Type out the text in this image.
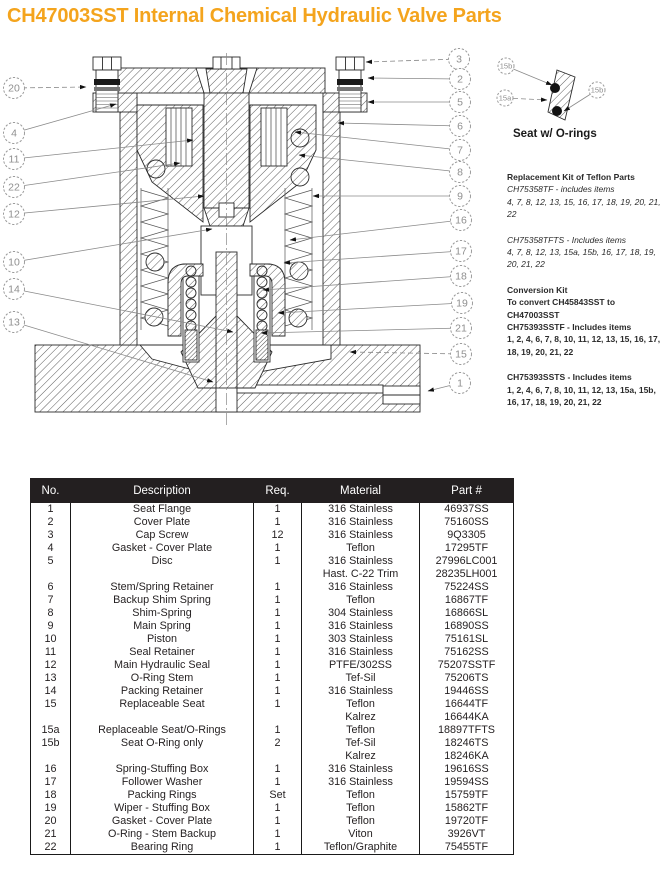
CH47003SST Internal Chemical Hydraulic Valve Parts
Seat w/ O-rings
20
4
11
22
12
10
14
13
3
2
5
6
7
8
9
16
17
18
19
21
15
1
15b
15a
15b
Replacement Kit of Teflon Parts
CH75358TF - includes items
4, 7, 8, 12, 13, 15, 16, 17, 18, 19, 20, 21, 22
CH75358TFTS - Includes items
4, 7, 8, 12, 13, 15a, 15b, 16, 17, 18, 19, 20, 21, 22
Conversion Kit
To convert CH45843SST to
CH47003SST
CH75393SSTF - Includes items
1, 2, 4, 6, 7, 8, 10, 11, 12, 13, 15, 16, 17, 18, 19, 20, 21, 22
CH75393SSTS - Includes items
1, 2, 4, 6, 7, 8, 10, 11, 12, 13, 15a, 15b, 16, 17, 18, 19, 20, 21, 22
No.	Description	Req.	Material	Part #
1	Seat Flange	1	316 Stainless	46937SS
2	Cover Plate	1	316 Stainless	75160SS
3	Cap Screw	12	316 Stainless	9Q3305
4	Gasket - Cover Plate	1	Teflon	17295TF
5	Disc	1	316 Stainless	27996LC001
			Hast. C-22 Trim	28235LH001
6	Stem/Spring Retainer	1	316 Stainless	75224SS
7	Backup Shim Spring	1	Teflon	16867TF
8	Shim-Spring	1	304 Stainless	16866SL
9	Main Spring	1	316 Stainless	16890SS
10	Piston	1	303 Stainless	75161SL
11	Seal Retainer	1	316 Stainless	75162SS
12	Main Hydraulic Seal	1	PTFE/302SS	75207SSTF
13	O-Ring Stem	1	Tef-Sil	75206TS
14	Packing Retainer	1	316 Stainless	19446SS
15	Replaceable Seat	1	Teflon	16644TF
			Kalrez	16644KA
15a	Replaceable Seat/O-Rings	1	Teflon	18897TFTS
15b	Seat O-Ring only	2	Tef-Sil	18246TS
			Kalrez	18246KA
16	Spring-Stuffing Box	1	316 Stainless	19616SS
17	Follower Washer	1	316 Stainless	19594SS
18	Packing Rings	Set	Teflon	15759TF
19	Wiper - Stuffing Box	1	Teflon	15862TF
20	Gasket - Cover Plate	1	Teflon	19720TF
21	O-Ring - Stem Backup	1	Viton	3926VT
22	Bearing Ring	1	Teflon/Graphite	75455TF
